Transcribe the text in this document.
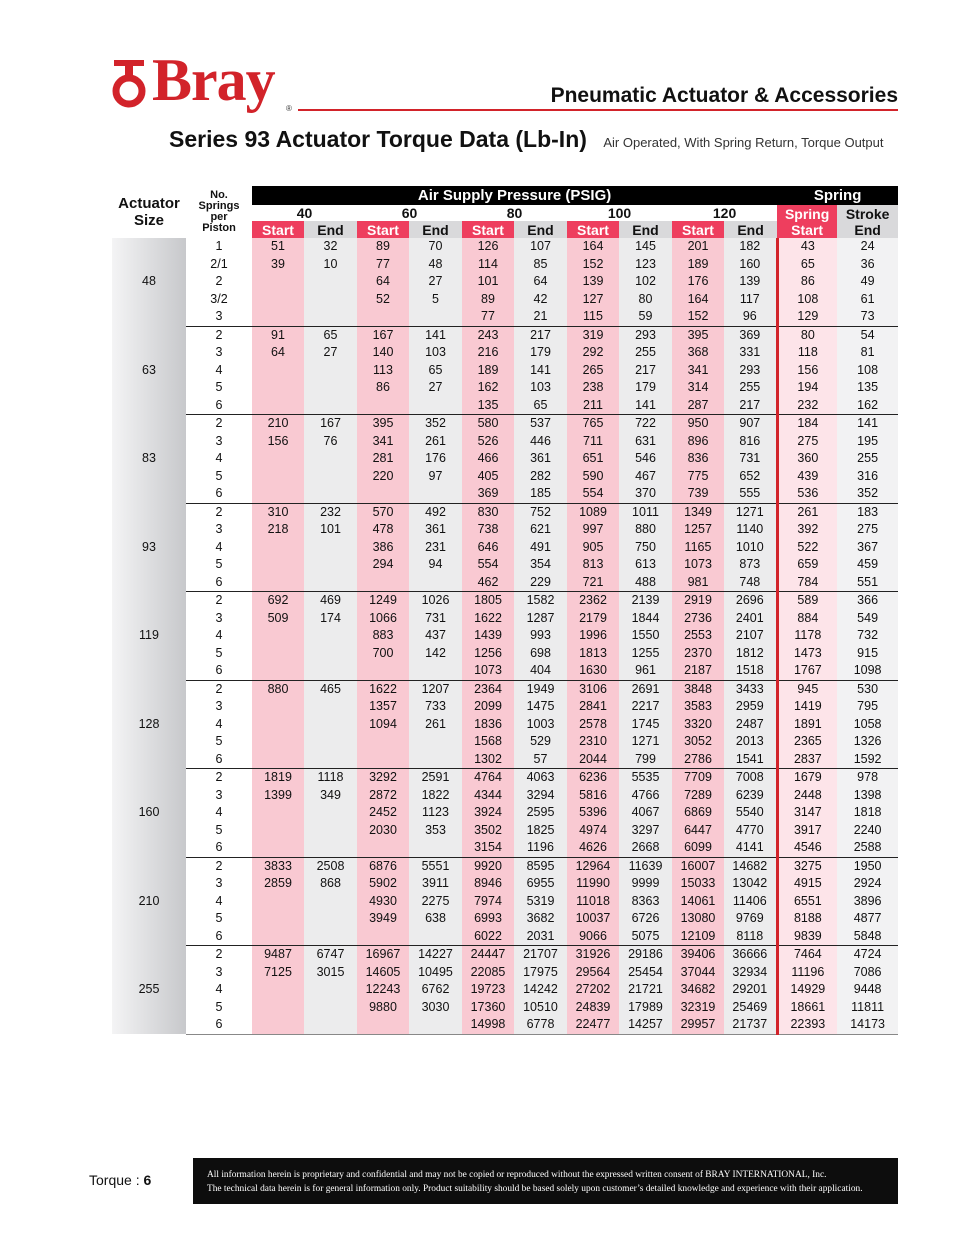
Bray ®
Pneumatic Actuator & Accessories
Series 93 Actuator Torque Data (Lb-In) Air Operated, With Spring Return, Torque Output
Actuator
Size	No.
Springs
per
Piston	Air Supply Pressure (PSIG)										Spring	
		40		60		80		100		120		Spring
Start	Stroke
End
		Start	End	Start	End	Start	End	Start	End	Start	End		
48	1	51	32	89	70	126	107	164	145	201	182	43	24
	2/1	39	10	77	48	114	85	152	123	189	160	65	36
	2			64	27	101	64	139	102	176	139	86	49
	3/2			52	5	89	42	127	80	164	117	108	61
	3					77	21	115	59	152	96	129	73
63	2	91	65	167	141	243	217	319	293	395	369	80	54
	3	64	27	140	103	216	179	292	255	368	331	118	81
	4			113	65	189	141	265	217	341	293	156	108
	5			86	27	162	103	238	179	314	255	194	135
	6					135	65	211	141	287	217	232	162
83	2	210	167	395	352	580	537	765	722	950	907	184	141
	3	156	76	341	261	526	446	711	631	896	816	275	195
	4			281	176	466	361	651	546	836	731	360	255
	5			220	97	405	282	590	467	775	652	439	316
	6					369	185	554	370	739	555	536	352
93	2	310	232	570	492	830	752	1089	1011	1349	1271	261	183
	3	218	101	478	361	738	621	997	880	1257	1140	392	275
	4			386	231	646	491	905	750	1165	1010	522	367
	5			294	94	554	354	813	613	1073	873	659	459
	6					462	229	721	488	981	748	784	551
119	2	692	469	1249	1026	1805	1582	2362	2139	2919	2696	589	366
	3	509	174	1066	731	1622	1287	2179	1844	2736	2401	884	549
	4			883	437	1439	993	1996	1550	2553	2107	1178	732
	5			700	142	1256	698	1813	1255	2370	1812	1473	915
	6					1073	404	1630	961	2187	1518	1767	1098
128	2	880	465	1622	1207	2364	1949	3106	2691	3848	3433	945	530
	3			1357	733	2099	1475	2841	2217	3583	2959	1419	795
	4			1094	261	1836	1003	2578	1745	3320	2487	1891	1058
	5					1568	529	2310	1271	3052	2013	2365	1326
	6					1302	57	2044	799	2786	1541	2837	1592
160	2	1819	1118	3292	2591	4764	4063	6236	5535	7709	7008	1679	978
	3	1399	349	2872	1822	4344	3294	5816	4766	7289	6239	2448	1398
	4			2452	1123	3924	2595	5396	4067	6869	5540	3147	1818
	5			2030	353	3502	1825	4974	3297	6447	4770	3917	2240
	6					3154	1196	4626	2668	6099	4141	4546	2588
210	2	3833	2508	6876	5551	9920	8595	12964	11639	16007	14682	3275	1950
	3	2859	868	5902	3911	8946	6955	11990	9999	15033	13042	4915	2924
	4			4930	2275	7974	5319	11018	8363	14061	11406	6551	3896
	5			3949	638	6993	3682	10037	6726	13080	9769	8188	4877
	6					6022	2031	9066	5075	12109	8118	9839	5848
255	2	9487	6747	16967	14227	24447	21707	31926	29186	39406	36666	7464	4724
	3	7125	3015	14605	10495	22085	17975	29564	25454	37044	32934	11196	7086
	4			12243	6762	19723	14242	27202	21721	34682	29201	14929	9448
	5			9880	3030	17360	10510	24839	17989	32319	25469	18661	11811
	6					14998	6778	22477	14257	29957	21737	22393	14173
Torque : 6	All information herein is proprietary and confidential and may not be copied or reproduced without the expressed written consent of BRAY INTERNATIONAL, Inc.
The technical data herein is for general information only. Product suitability should be based solely upon customer’s detailed knowledge and experience with their application.
